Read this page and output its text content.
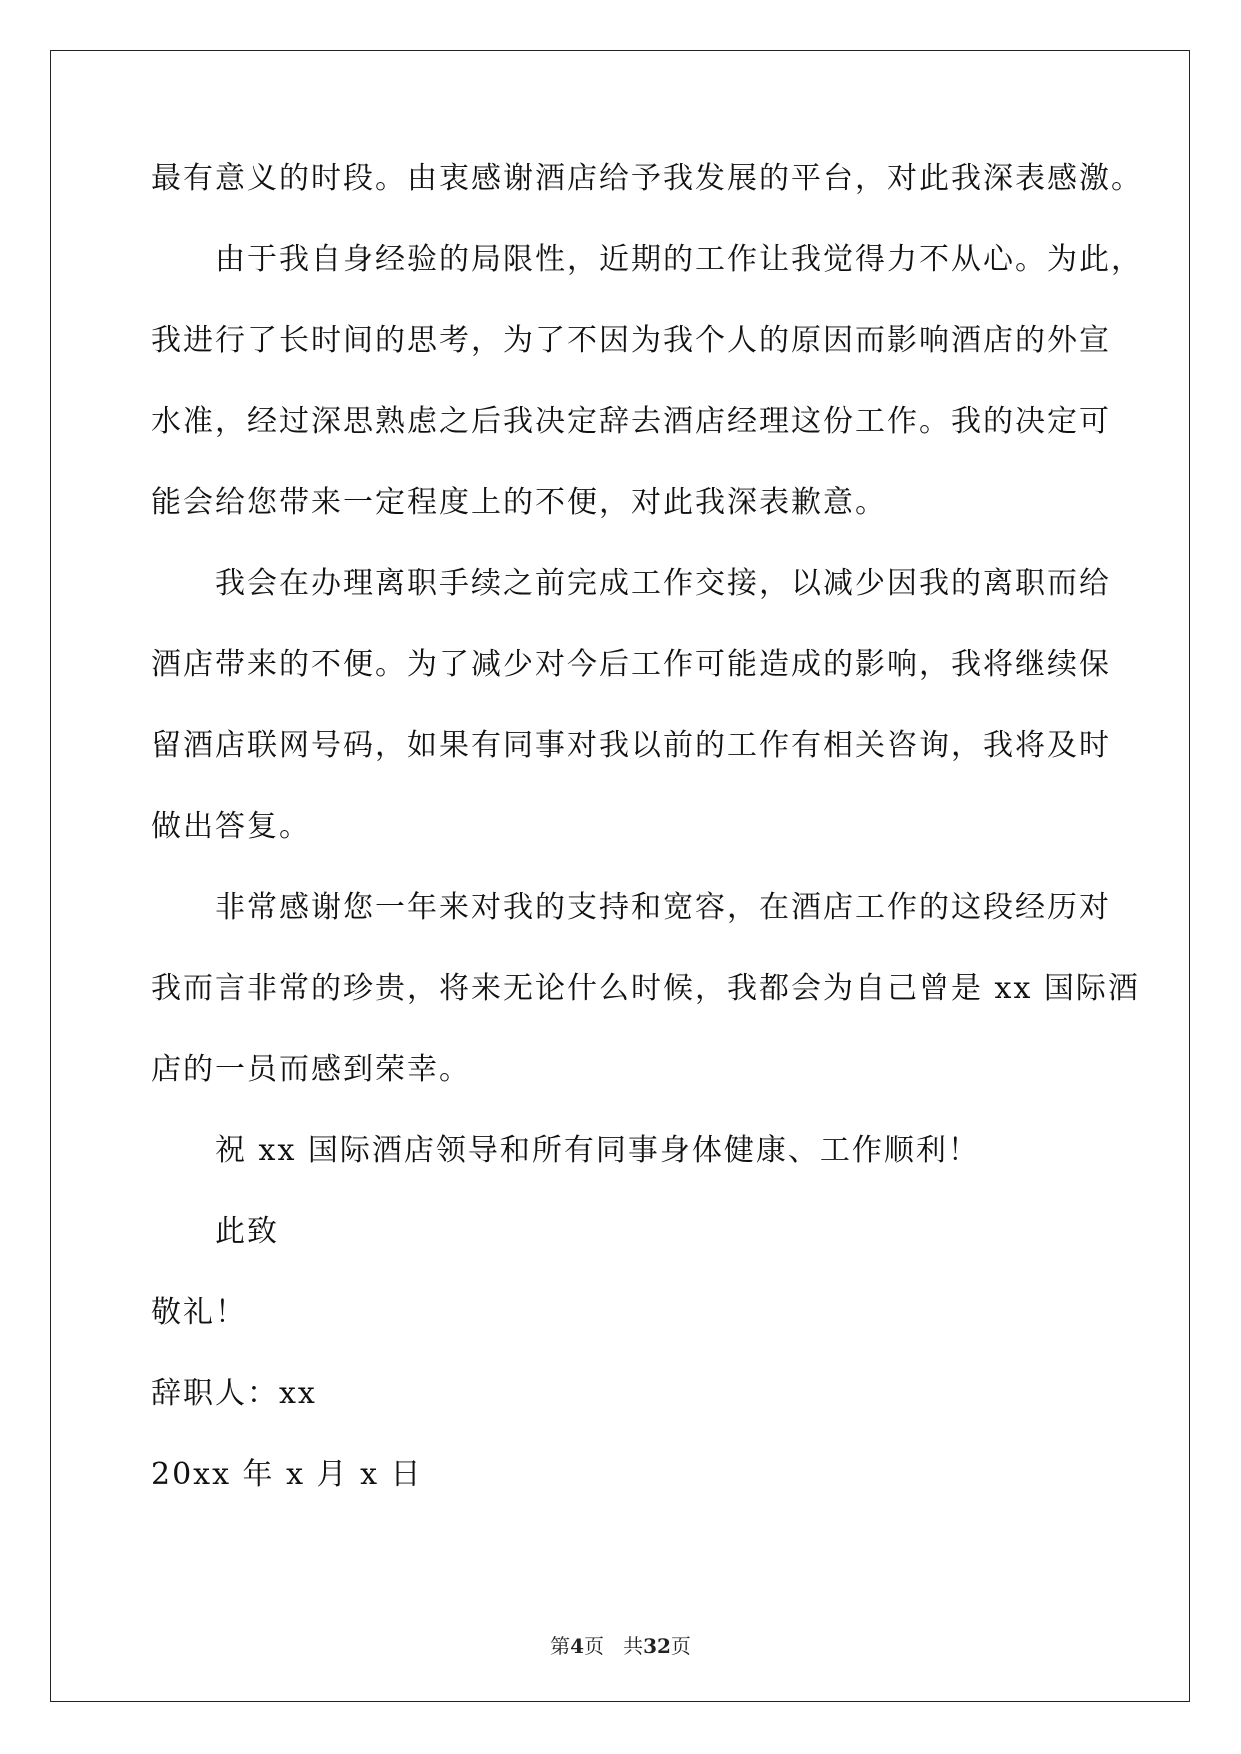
最有意义的时段。由衷感谢酒店给予我发展的平台，对此我深表感激。
由于我自身经验的局限性，近期的工作让我觉得力不从心。为此，
我进行了长时间的思考，为了不因为我个人的原因而影响酒店的外宣
水准，经过深思熟虑之后我决定辞去酒店经理这份工作。我的决定可
能会给您带来一定程度上的不便，对此我深表歉意。
我会在办理离职手续之前完成工作交接，以减少因我的离职而给
酒店带来的不便。为了减少对今后工作可能造成的影响，我将继续保
留酒店联网号码，如果有同事对我以前的工作有相关咨询，我将及时
做出答复。
非常感谢您一年来对我的支持和宽容，在酒店工作的这段经历对
我而言非常的珍贵，将来无论什么时候，我都会为自己曾是 xx 国际酒
店的一员而感到荣幸。
祝 xx 国际酒店领导和所有同事身体健康、工作顺利！
此致
敬礼！
辞职人：xx
20xx 年 x 月 x 日
第4页 共32页
